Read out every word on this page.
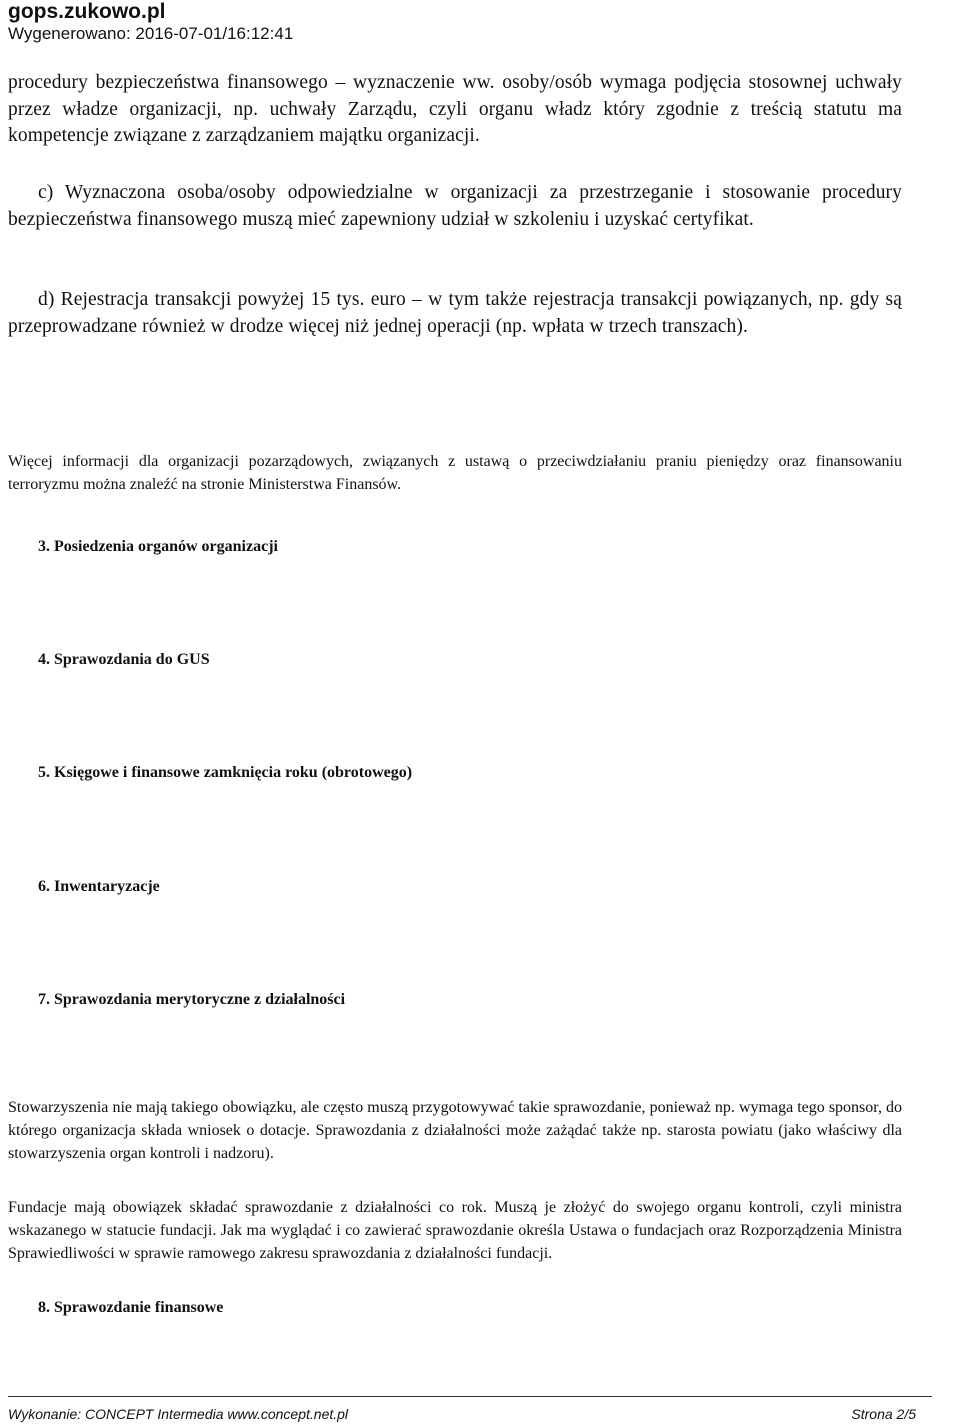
gops.zukowo.pl
Wygenerowano: 2016-07-01/16:12:41
procedury bezpieczeństwa finansowego – wyznaczenie ww. osoby/osób wymaga podjęcia stosownej uchwały przez władze organizacji, np. uchwały Zarządu, czyli organu władz który zgodnie z treścią statutu ma kompetencje związane z zarządzaniem majątku organizacji.
c) Wyznaczona osoba/osoby odpowiedzialne w organizacji za przestrzeganie i stosowanie procedury bezpieczeństwa finansowego muszą mieć zapewniony udział w szkoleniu i uzyskać certyfikat.
d) Rejestracja transakcji powyżej 15 tys. euro – w tym także rejestracja transakcji powiązanych, np. gdy są przeprowadzane również w drodze więcej niż jednej operacji (np. wpłata w trzech transzach).
Więcej informacji dla organizacji pozarządowych, związanych z ustawą o przeciwdziałaniu praniu pieniędzy oraz finansowaniu terroryzmu można znaleźć na stronie Ministerstwa Finansów.
3. Posiedzenia organów organizacji
4. Sprawozdania do GUS
5. Księgowe i finansowe zamknięcia roku (obrotowego)
6. Inwentaryzacje
7. Sprawozdania merytoryczne z działalności
Stowarzyszenia nie mają takiego obowiązku, ale często muszą przygotowywać takie sprawozdanie, ponieważ np. wymaga tego sponsor, do którego organizacja składa wniosek o dotacje. Sprawozdania z działalności może zażądać także np. starosta powiatu (jako właściwy dla stowarzyszenia organ kontroli i nadzoru).
Fundacje mają obowiązek składać sprawozdanie z działalności co rok. Muszą je złożyć do swojego organu kontroli, czyli ministra wskazanego w statucie fundacji. Jak ma wyglądać i co zawierać sprawozdanie określa Ustawa o fundacjach oraz Rozporządzenia Ministra Sprawiedliwości w sprawie ramowego zakresu sprawozdania z działalności fundacji.
8. Sprawozdanie finansowe
Wykonanie: CONCEPT Intermedia www.concept.net.pl	Strona 2/5
